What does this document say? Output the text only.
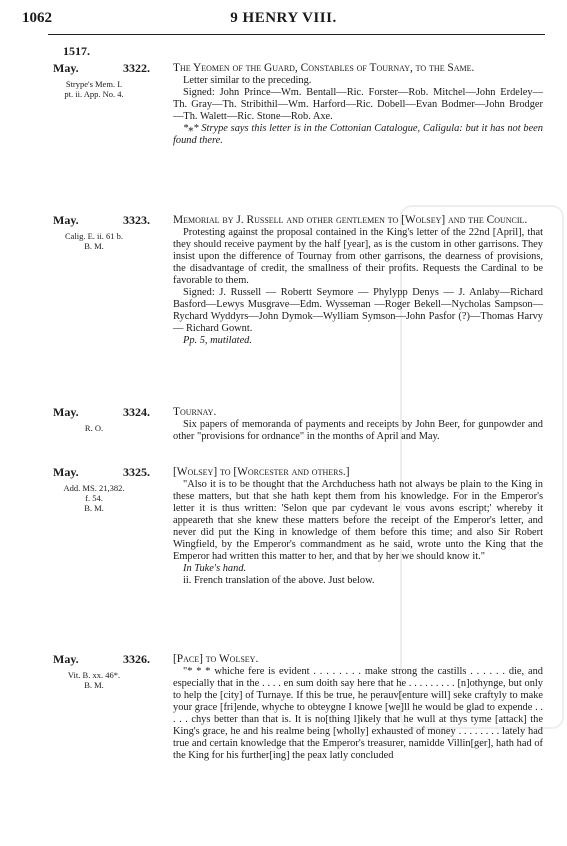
1062	9 HENRY VIII.
1517.
May.
Strype's Mem. I.
pt. ii. App. No. 4.
3322. The Yeomen of the Guard, Constables of Tournay, to the Same.

Letter similar to the preceding.

Signed: John Prince—Wm. Bentall—Ric. Forster—Rob. Mitchel—John Erdeley—Th. Gray—Th. Stribithil—Wm. Harford—Ric. Dobell—Evan Bodmer—John Brodger—Th. Walett—Ric. Stone—Rob. Axe.

*⁎* Strype says this letter is in the Cottonian Catalogue, Caligula: but it has not been found there.

May.
Calig. E. ii. 61 b.
B. M.
3323. Memorial by J. Russell and other gentlemen to [Wolsey] and the Council.

Protesting against the proposal contained in the King's letter of the 22nd [April], that they should receive payment by the half [year], as is the custom in other garrisons. They insist upon the difference of Tournay from other garrisons, the dearness of provisions, the disadvantage of credit, the smallness of their profits. Requests the Cardinal to be favorable to them.

Signed: J. Russell — Robertt Seymore — Phylypp Denys — J. Anlaby—Richard Basford—Lewys Musgrave—Edm. Wysseman —Roger Bekell—Nycholas Sampson—Rychard Wyddyrs—John Dymok—Wylliam Symson—John Pasfor (?)—Thomas Harvy— Richard Gownt.

Pp. 5, mutilated.

May.
R. O.
3324. Tournay.

Six papers of memoranda of payments and receipts by John Beer, for gunpowder and other "provisions for ordnance" in the months of April and May.

May.
Add. MS. 21,382.
f. 54.
B. M.
3325. [Wolsey] to [Worcester and others.]

"Also it is to be thought that the Archduchess hath not always be plain to the King in these matters, but that she hath kept them from his knowledge. For in the Emperor's letter it is thus written: 'Selon que par cydevant le vous avons escript;' whereby it appeareth that she knew these matters before the receipt of the Emperor's letter, and never did put the King in knowledge of them before this time; and also Sir Robert Wingfield, by the Emperor's commandment as he said, wrote unto the King that the Emperor had written this matter to her, and that by her we should know it."

In Tuke's hand.

ii. French translation of the above. Just below.

May.
Vit. B. xx. 46*.
B. M.
3326. [Pace] to Wolsey.

"* * * whiche fere is evident . . . . . . . . make strong the castills . . . . . . die, and especially that in the . . . . en sum doith say here that he . . . . . . . . . [n]othynge, but only to help the [city] of Turnaye. If this be true, he perauv[enture will] seke craftyly to make your grace [fri]ende, whyche to obteygne I knowe [we]ll he would be glad to expende . . . . . chys better than that is. It is no[thing l]ikely that he wull at thys tyme [attack] the King's grace, he and his realme being [wholly] exhausted of money . . . . . . . . lately had true and certain knowledge that the Emperor's treasurer, namidde Villin[ger], hath had of the King for his further[ing] the peax latly concluded
